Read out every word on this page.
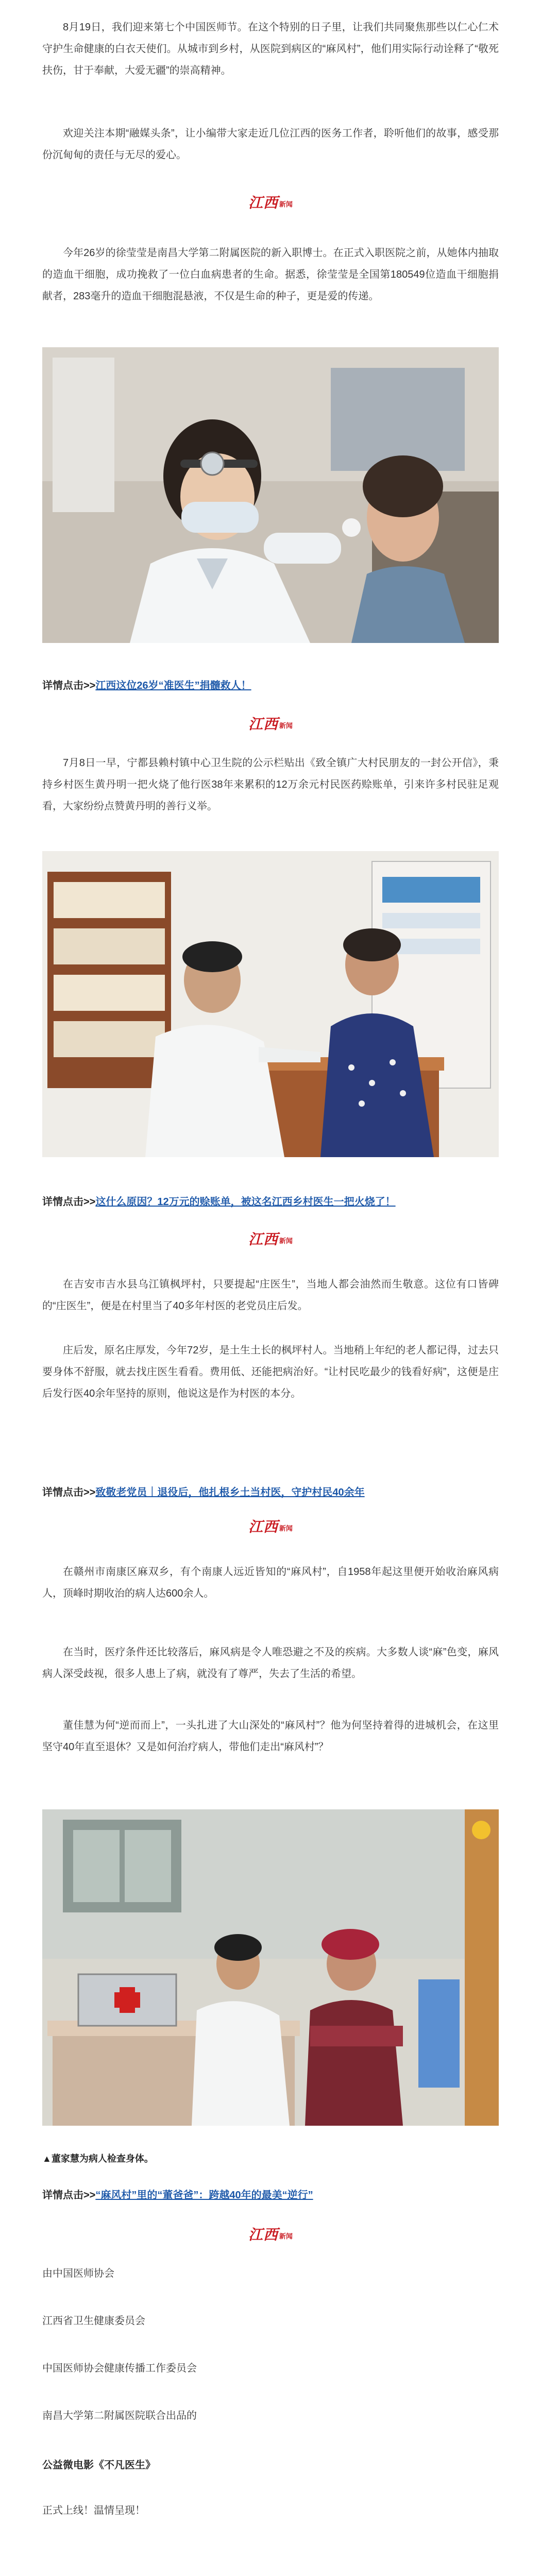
8月19日，我们迎来第七个中国医师节。在这个特别的日子里，让我们共同聚焦那些以仁心仁术守护生命健康的白衣天使们。从城市到乡村，从医院到病区的“麻风村”，他们用实际行动诠释了“敬死扶伤，甘于奉献，大爱无疆”的崇高精神。

欢迎关注本期“融媒头条”，让小编带大家走近几位江西的医务工作者，聆听他们的故事，感受那份沉甸甸的责任与无尽的爱心。

江西 新闻

今年26岁的徐莹莹是南昌大学第二附属医院的新入职博士。在正式入职医院之前，从她体内抽取的造血干细胞，成功挽救了一位白血病患者的生命。据悉，徐莹莹是全国第180549位造血干细胞捐献者，283毫升的造血干细胞混悬液，不仅是生命的种子，更是爱的传递。

详情点击>>江西这位26岁“准医生”捐髓救人！
江西 新闻

7月8日一早，宁都县赖村镇中心卫生院的公示栏贴出《致全镇广大村民朋友的一封公开信》，秉持乡村医生黄丹明一把火烧了他行医38年来累积的12万余元村民医药赊账单，引来许多村民驻足观看，大家纷纷点赞黄丹明的善行义举。

详情点击>>这什么原因？12万元的赊账单，被这名江西乡村医生一把火烧了！
江西 新闻

在吉安市吉水县乌江镇枫坪村，只要提起“庄医生”，当地人都会油然而生敬意。这位有口皆碑的“庄医生”，便是在村里当了40多年村医的老党员庄后发。

庄后发，原名庄厚发，今年72岁，是土生土长的枫坪村人。当地稍上年纪的老人都记得，过去只要身体不舒服，就去找庄医生看看。费用低、还能把病治好。“让村民吃最少的钱看好病”，这便是庄后发行医40余年坚持的原则，他说这是作为村医的本分。

详情点击>>致敬老党员｜退役后，他扎根乡土当村医，守护村民40余年
江西 新闻

在赣州市南康区麻双乡，有个南康人远近皆知的“麻风村”，自1958年起这里便开始收治麻风病人，顶峰时期收治的病人达600余人。

在当时，医疗条件还比较落后，麻风病是令人唯恐避之不及的疾病。大多数人谈“麻”色变，麻风病人深受歧视，很多人患上了病，就没有了尊严，失去了生活的希望。

董佳慧为何“逆而而上”，一头扎进了大山深处的“麻风村”？他为何坚持着得的进城机会，在这里坚守40年直至退休？又是如何治疗病人，带他们走出“麻风村”？

▲董家慧为病人检查身体。
详情点击>>“麻风村”里的“董爸爸”：跨越40年的最美“逆行”
江西 新闻

由中国医师协会

江西省卫生健康委员会

中国医师协会健康传播工作委员会

南昌大学第二附属医院联合出品的

公益微电影《不凡医生》

正式上线！温情呈现！
